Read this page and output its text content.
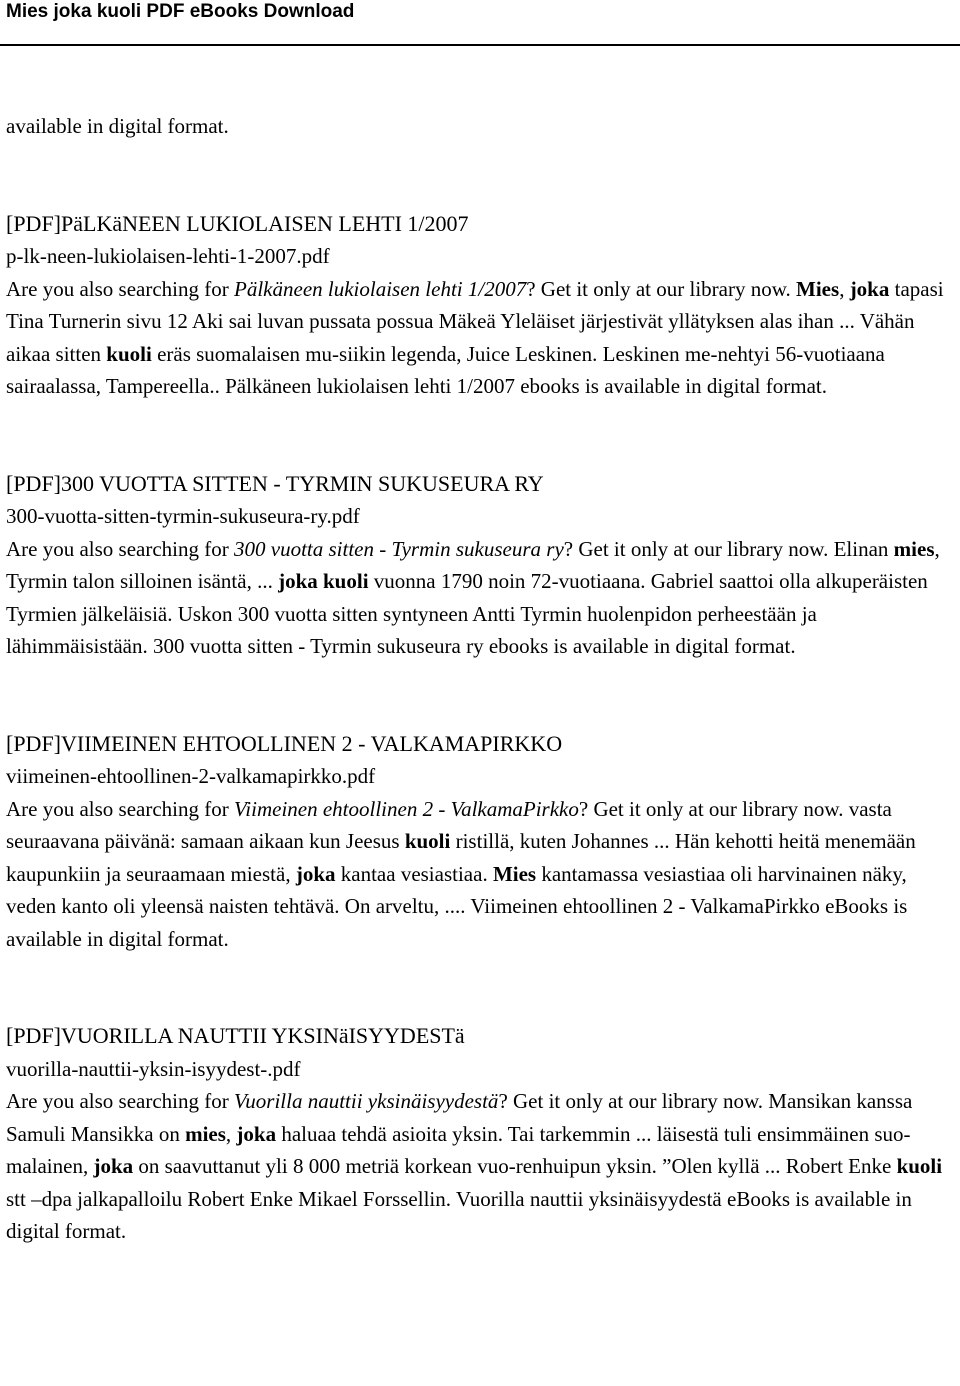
Mies joka kuoli PDF eBooks Download

available in digital format.

[PDF]PäLKäNEEN LUKIOLAISEN LEHTI 1/2007

p-lk-neen-lukiolaisen-lehti-1-2007.pdf

Are you also searching for Pälkäneen lukiolaisen lehti 1/2007? Get it only at our library now. Mies, joka tapasi Tina Turnerin sivu 12 Aki sai luvan pussata possua Mäkeä Yleläiset järjestivät yllätyksen alas ihan ... Vähän aikaa sitten kuoli eräs suomalaisen mu-siikin legenda, Juice Leskinen. Leskinen me-nehtyi 56-vuotiaana sairaalassa, Tampereella.. Pälkäneen lukiolaisen lehti 1/2007 ebooks is available in digital format.

[PDF]300 VUOTTA SITTEN - TYRMIN SUKUSEURA RY

300-vuotta-sitten-tyrmin-sukuseura-ry.pdf

Are you also searching for 300 vuotta sitten - Tyrmin sukuseura ry? Get it only at our library now. Elinan mies, Tyrmin talon silloinen isäntä, ... joka kuoli vuonna 1790 noin 72-vuotiaana. Gabriel saattoi olla alkuperäisten Tyrmien jälkeläisiä. Uskon 300 vuotta sitten syntyneen Antti Tyrmin huolenpidon perheestään ja lähimmäisistään. 300 vuotta sitten - Tyrmin sukuseura ry ebooks is available in digital format.

[PDF]VIIMEINEN EHTOOLLINEN 2 - VALKAMAPIRKKO

viimeinen-ehtoollinen-2-valkamapirkko.pdf

Are you also searching for Viimeinen ehtoollinen 2 - ValkamaPirkko? Get it only at our library now. vasta seuraavana päivänä: samaan aikaan kun Jeesus kuoli ristillä, kuten Johannes ... Hän kehotti heitä menemään kaupunkiin ja seuraamaan miestä, joka kantaa vesiastiaa. Mies kantamassa vesiastiaa oli harvinainen näky, veden kanto oli yleensä naisten tehtävä. On arveltu, .... Viimeinen ehtoollinen 2 - ValkamaPirkko eBooks is available in digital format.

[PDF]VUORILLA NAUTTII YKSINäISYYDESTä

vuorilla-nauttii-yksin-isyydest-.pdf

Are you also searching for Vuorilla nauttii yksinäisyydestä? Get it only at our library now. Mansikan kanssa Samuli Mansikka on mies, joka haluaa tehdä asioita yksin. Tai tarkemmin ... läisestä tuli ensimmäinen suo-malainen, joka on saavuttanut yli 8 000 metriä korkean vuo-renhuipun yksin. ”Olen kyllä ... Robert Enke kuoli stt –dpa jalkapalloilu Robert Enke Mikael Forssellin. Vuorilla nauttii yksinäisyydestä eBooks is available in digital format.
